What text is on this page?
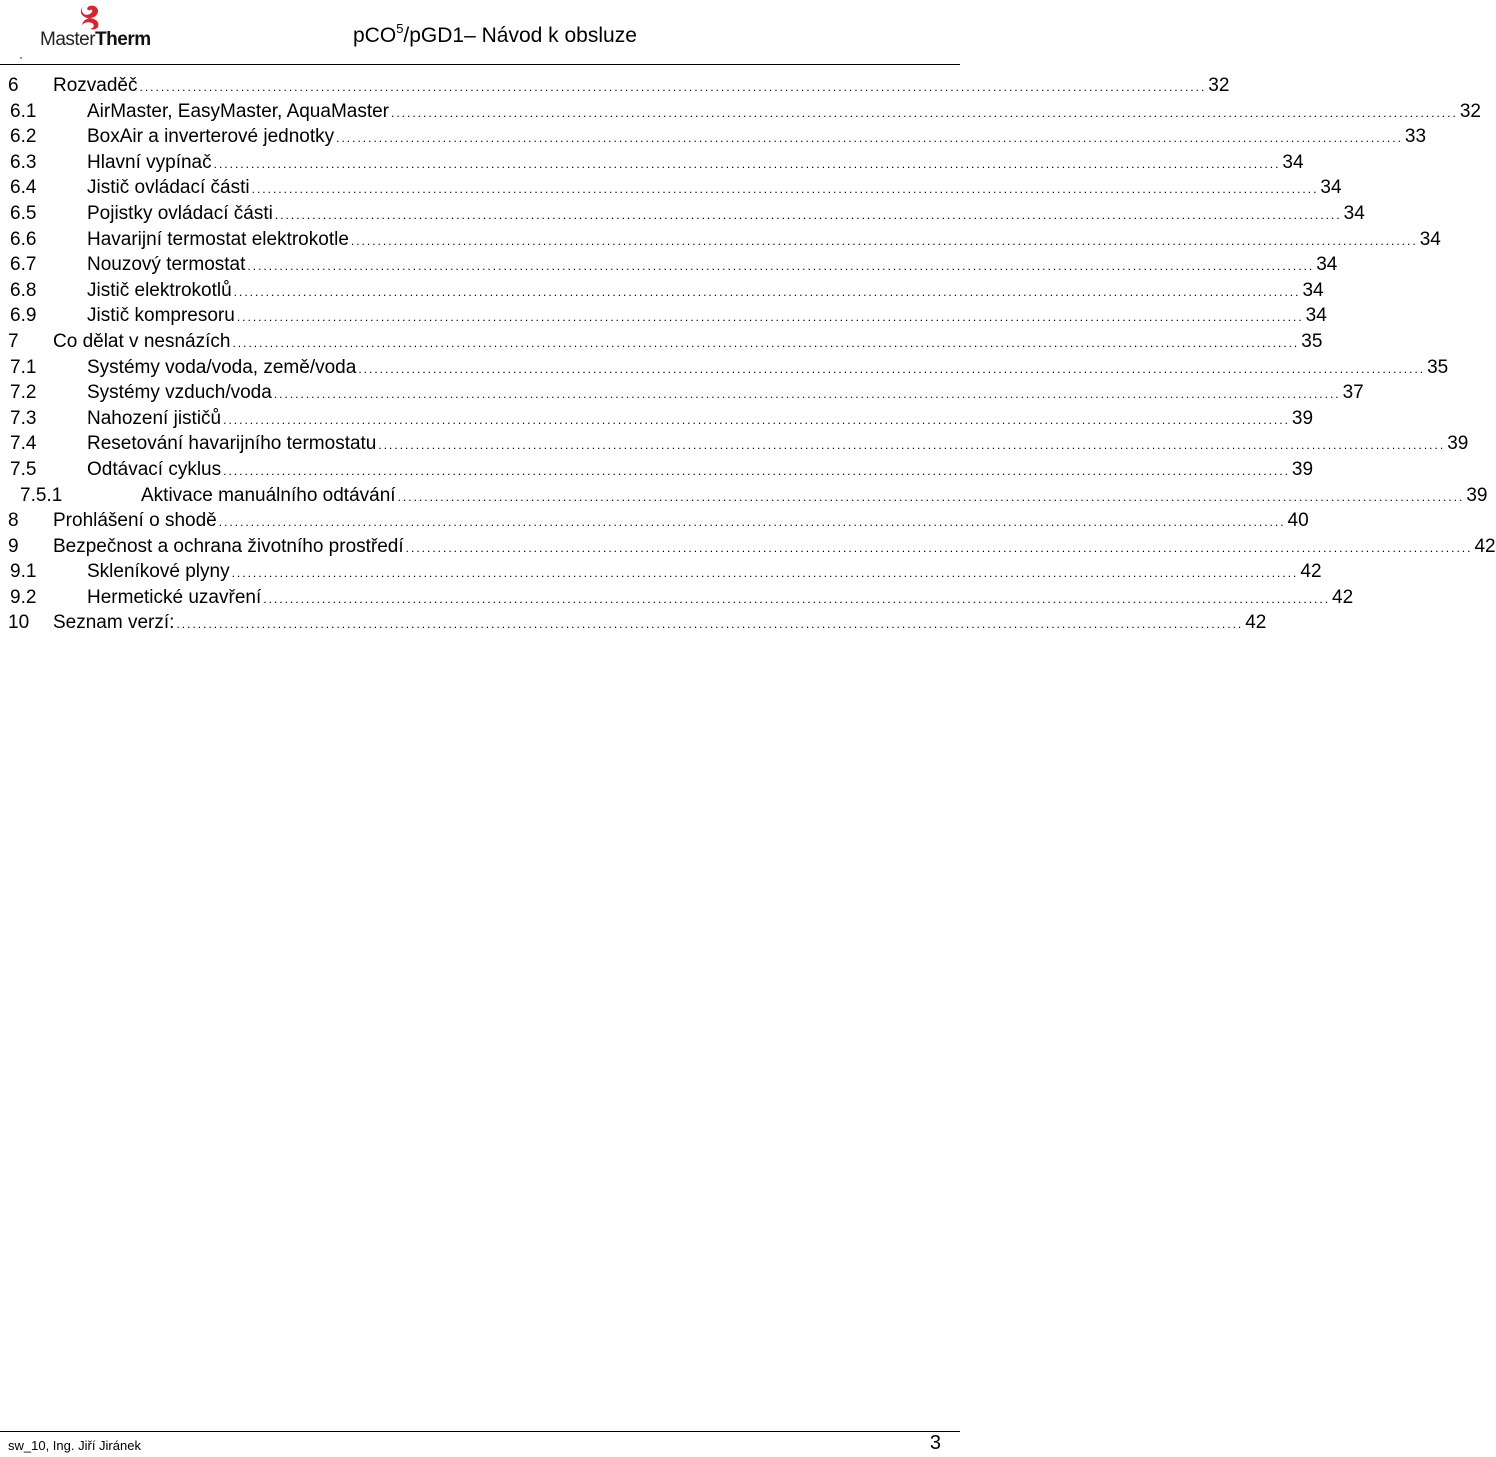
MasterTherm	pCO$^5$/pGD1– Návod k obsluze
6 Rozvaděč ........................................................................................................................................................................................................ 32
6.1	AirMaster, EasyMaster, AquaMaster ........................................................................................................................................................................................................ 32
6.2	BoxAir a inverterové jednotky ........................................................................................................................................................................................................ 33
6.3	Hlavní vypínač ........................................................................................................................................................................................................ 34
6.4	Jistič ovládací části ........................................................................................................................................................................................................ 34
6.5	Pojistky ovládací části ........................................................................................................................................................................................................ 34
6.6	Havarijní termostat elektrokotle ........................................................................................................................................................................................................ 34
6.7	Nouzový termostat ........................................................................................................................................................................................................ 34
6.8	Jistič elektrokotlů ........................................................................................................................................................................................................ 34
6.9	Jistič kompresoru ........................................................................................................................................................................................................ 34
7 Co dělat v nesnázích ........................................................................................................................................................................................................ 35
7.1	Systémy voda/voda, země/voda ........................................................................................................................................................................................................ 35
7.2	Systémy vzduch/voda ........................................................................................................................................................................................................ 37
7.3	Nahození jističů ........................................................................................................................................................................................................ 39
7.4	Resetování havarijního termostatu ........................................................................................................................................................................................................ 39
7.5	Odtávací cyklus ........................................................................................................................................................................................................ 39
7.5.1	Aktivace manuálního odtávání ........................................................................................................................................................................................................ 39
8 Prohlášení o shodě ........................................................................................................................................................................................................ 40
9 Bezpečnost a ochrana životního prostředí ........................................................................................................................................................................................................ 42
9.1	Skleníkové plyny ........................................................................................................................................................................................................ 42
9.2	Hermetické uzavření ........................................................................................................................................................................................................ 42
10 Seznam verzí: ........................................................................................................................................................................................................ 42
sw_10, Ing. Jiří Jiránek	3
